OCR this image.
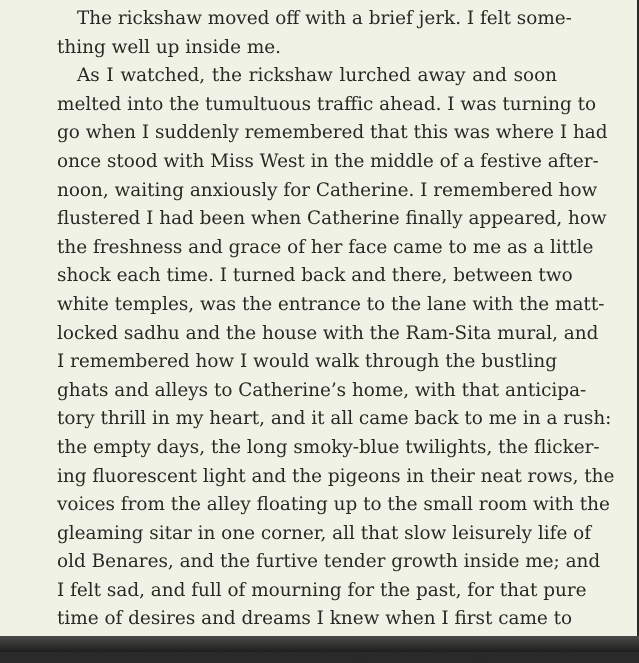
The rickshaw moved off with a brief jerk. I felt some-
thing well up inside me.
As I watched, the rickshaw lurched away and soon
melted into the tumultuous traffic ahead. I was turning to
go when I suddenly remembered that this was where I had
once stood with Miss West in the middle of a festive after-
noon, waiting anxiously for Catherine. I remembered how
flustered I had been when Catherine finally appeared, how
the freshness and grace of her face came to me as a little
shock each time. I turned back and there, between two
white temples, was the entrance to the lane with the matt-
locked sadhu and the house with the Ram-Sita mural, and
I remembered how I would walk through the bustling
ghats and alleys to Catherine’s home, with that anticipa-
tory thrill in my heart, and it all came back to me in a rush:
the empty days, the long smoky-blue twilights, the flicker-
ing fluorescent light and the pigeons in their neat rows, the
voices from the alley floating up to the small room with the
gleaming sitar in one corner, all that slow leisurely life of
old Benares, and the furtive tender growth inside me; and
I felt sad, and full of mourning for the past, for that pure
time of desires and dreams I knew when I first came to
